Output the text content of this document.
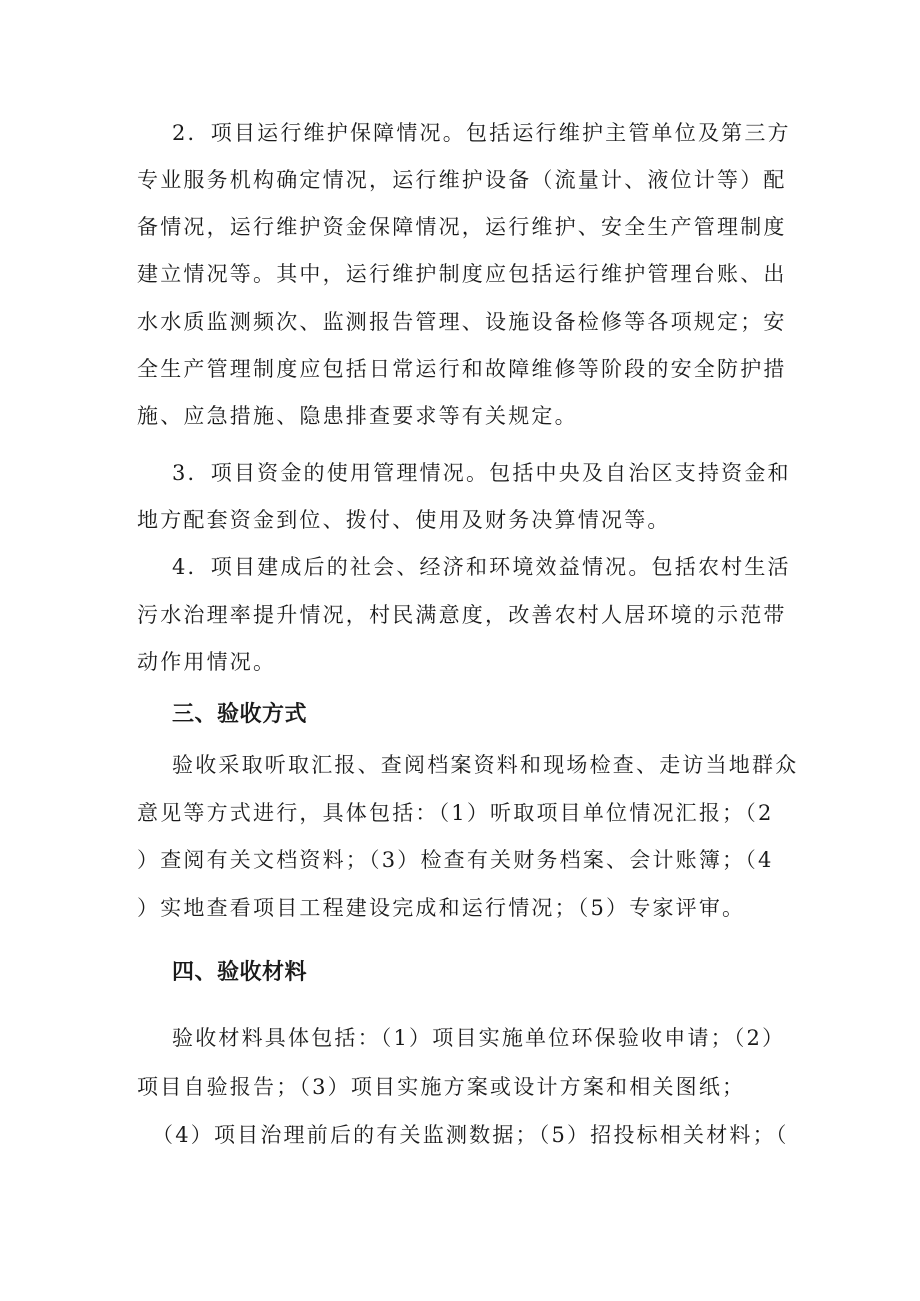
2．项目运行维护保障情况。包括运行维护主管单位及第三方
专业服务机构确定情况，运行维护设备（流量计、液位计等）配
备情况，运行维护资金保障情况，运行维护、安全生产管理制度
建立情况等。其中，运行维护制度应包括运行维护管理台账、出
水水质监测频次、监测报告管理、设施设备检修等各项规定；安
全生产管理制度应包括日常运行和故障维修等阶段的安全防护措
施、应急措施、隐患排查要求等有关规定。
3．项目资金的使用管理情况。包括中央及自治区支持资金和
地方配套资金到位、拨付、使用及财务决算情况等。
4．项目建成后的社会、经济和环境效益情况。包括农村生活
污水治理率提升情况，村民满意度，改善农村人居环境的示范带
动作用情况。
三、验收方式
验收采取听取汇报、查阅档案资料和现场检查、走访当地群众
意见等方式进行，具体包括：（1）听取项目单位情况汇报；（2
）查阅有关文档资料；（3）检查有关财务档案、会计账簿；（4
）实地查看项目工程建设完成和运行情况；（5）专家评审。
四、验收材料
验收材料具体包括：（1）项目实施单位环保验收申请；（2）
项目自验报告；（3）项目实施方案或设计方案和相关图纸；
（4）项目治理前后的有关监测数据；（5）招投标相关材料；（
